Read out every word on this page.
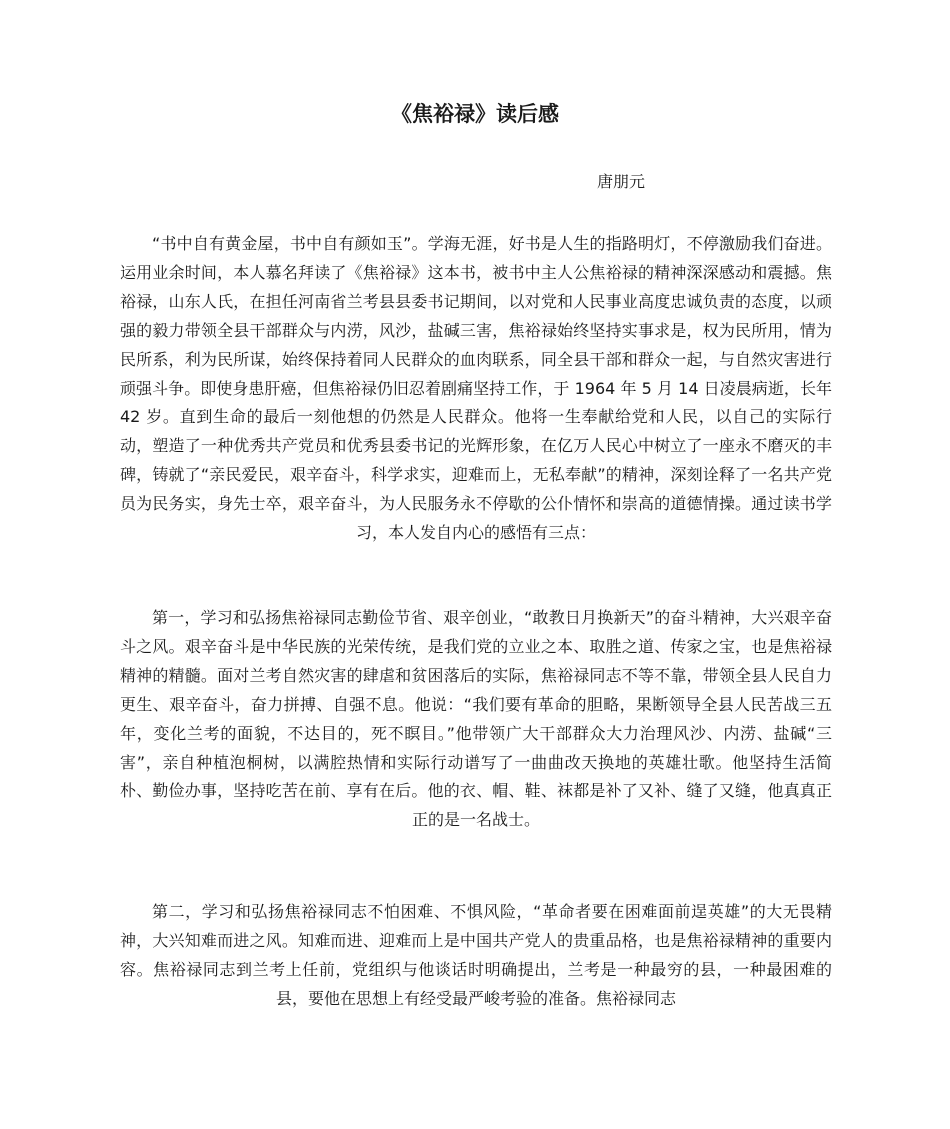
《焦裕禄》读后感

唐朋元

“书中自有黄金屋，书中自有颜如玉”。学海无涯，好书是人生的指路明灯，不停激励我们奋进。运用业余时间，本人慕名拜读了《焦裕禄》这本书，被书中主人公焦裕禄的精神深深感动和震撼。焦裕禄，山东人氏，在担任河南省兰考县县委书记期间，以对党和人民事业高度忠诚负责的态度，以顽强的毅力带领全县干部群众与内涝，风沙，盐碱三害，焦裕禄始终坚持实事求是，权为民所用，情为民所系，利为民所谋，始终保持着同人民群众的血肉联系，同全县干部和群众一起，与自然灾害进行顽强斗争。即使身患肝癌，但焦裕禄仍旧忍着剧痛坚持工作，于 1964 年 5 月 14 日凌晨病逝，长年 42 岁。直到生命的最后一刻他想的仍然是人民群众。他将一生奉献给党和人民，以自己的实际行动，塑造了一种优秀共产党员和优秀县委书记的光辉形象，在亿万人民心中树立了一座永不磨灭的丰碑，铸就了“亲民爱民，艰辛奋斗，科学求实，迎难而上，无私奉献”的精神，深刻诠释了一名共产党员为民务实，身先士卒，艰辛奋斗，为人民服务永不停歇的公仆情怀和崇高的道德情操。通过读书学习，本人发自内心的感悟有三点：

第一，学习和弘扬焦裕禄同志勤俭节省、艰辛创业，“敢教日月换新天”的奋斗精神，大兴艰辛奋斗之风。艰辛奋斗是中华民族的光荣传统，是我们党的立业之本、取胜之道、传家之宝，也是焦裕禄精神的精髓。面对兰考自然灾害的肆虐和贫困落后的实际，焦裕禄同志不等不靠，带领全县人民自力更生、艰辛奋斗，奋力拼搏、自强不息。他说：“我们要有革命的胆略，果断领导全县人民苦战三五年，变化兰考的面貌，不达目的，死不瞑目。”他带领广大干部群众大力治理风沙、内涝、盐碱“三害”，亲自种植泡桐树，以满腔热情和实际行动谱写了一曲曲改天换地的英雄壮歌。他坚持生活简朴、勤俭办事，坚持吃苦在前、享有在后。他的衣、帽、鞋、袜都是补了又补、缝了又缝，他真真正正的是一名战士。

第二，学习和弘扬焦裕禄同志不怕困难、不惧风险，“革命者要在困难面前逞英雄”的大无畏精神，大兴知难而进之风。知难而进、迎难而上是中国共产党人的贵重品格，也是焦裕禄精神的重要内容。焦裕禄同志到兰考上任前，党组织与他谈话时明确提出，兰考是一种最穷的县，一种最困难的县，要他在思想上有经受最严峻考验的准备。焦裕禄同志
